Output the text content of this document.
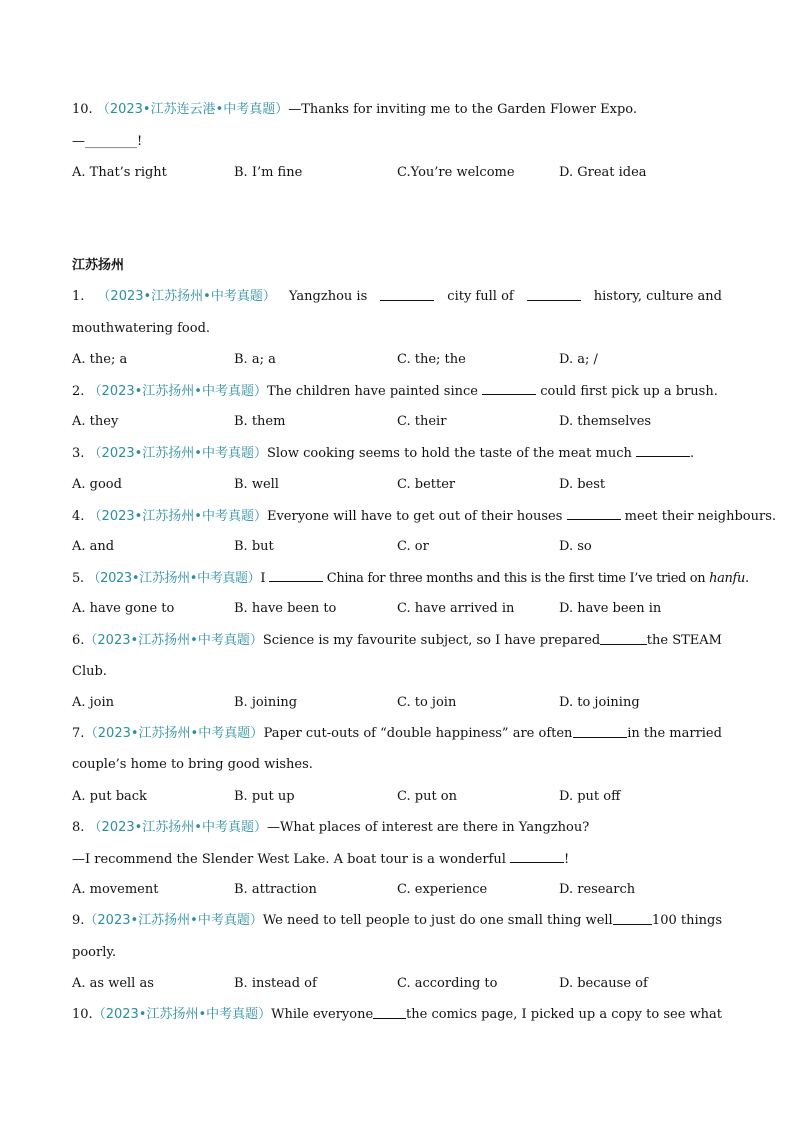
10. （2023•江苏连云港•中考真题）—Thanks for inviting me to the Garden Flower Expo.
—________!
A. That’s right	B. I’m fine	C.You’re welcome	D. Great idea
江苏扬州
1. （2023•江苏扬州•中考真题） Yangzhou is	city full of	history, culture and
mouthwatering food.
A. the; a	B. a; a	C. the; the	D. a; /
2. （2023•江苏扬州•中考真题）The children have painted since	could first pick up a brush.
A. they	B. them	C. their	D. themselves
3. （2023•江苏扬州•中考真题）Slow cooking seems to hold the taste of the meat much	.
A. good	B. well	C. better	D. best
4. （2023•江苏扬州•中考真题）Everyone will have to get out of their houses	meet their neighbours.
A. and	B. but	C. or	D. so
5. （2023•江苏扬州•中考真题）I	China for three months and this is the first time I’ve tried on hanfu.
A. have gone to	B. have been to	C. have arrived in	D. have been in
6. （2023•江苏扬州•中考真题） Science is my favourite subject, so I have prepared	the STEAM
Club.
A. join	B. joining	C. to join	D. to joining
7. （2023•江苏扬州•中考真题） Paper cut-outs of “double happiness” are often	in the married
couple’s home to bring good wishes.
A. put back	B. put up	C. put on	D. put off
8. （2023•江苏扬州•中考真题）—What places of interest are there in Yangzhou?
—I recommend the Slender West Lake. A boat tour is a wonderful	!
A. movement	B. attraction	C. experience	D. research
9. （2023•江苏扬州•中考真题） We need to tell people to just do one small thing well	100 things
poorly.
A. as well as	B. instead of	C. according to	D. because of
10. （2023•江苏扬州•中考真题） While everyone	the comics page, I picked up a copy to see what
